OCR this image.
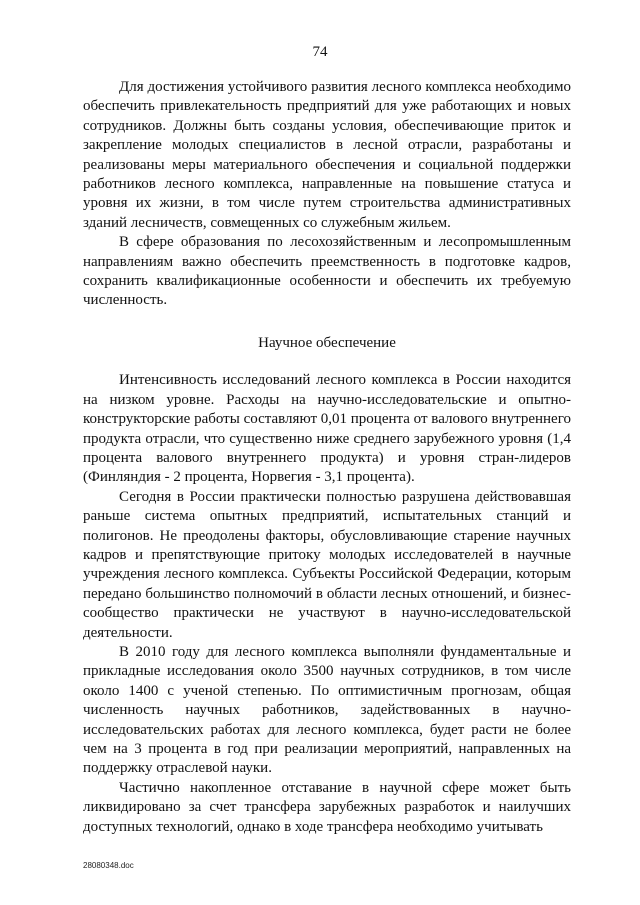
74

Для достижения устойчивого развития лесного комплекса необходимо обеспечить привлекательность предприятий для уже работающих и новых сотрудников. Должны быть созданы условия, обеспечивающие приток и закрепление молодых специалистов в лесной отрасли, разработаны и реализованы меры материального обеспечения и социальной поддержки работников лесного комплекса, направленные на повышение статуса и уровня их жизни, в том числе путем строительства административных зданий лесничеств, совмещенных со служебным жильем.

В сфере образования по лесохозяйственным и лесопромышленным направлениям важно обеспечить преемственность в подготовке кадров, сохранить квалификационные особенности и обеспечить их требуемую численность.

Научное обеспечение

Интенсивность исследований лесного комплекса в России находится на низком уровне. Расходы на научно-исследовательские и опытно-конструкторские работы составляют 0,01 процента от валового внутреннего продукта отрасли, что существенно ниже среднего зарубежного уровня (1,4 процента валового внутреннего продукта) и уровня стран-лидеров (Финляндия - 2 процента, Норвегия - 3,1 процента).

Сегодня в России практически полностью разрушена действовавшая раньше система опытных предприятий, испытательных станций и полигонов. Не преодолены факторы, обусловливающие старение научных кадров и препятствующие притоку молодых исследователей в научные учреждения лесного комплекса. Субъекты Российской Федерации, которым передано большинство полномочий в области лесных отношений, и бизнес-сообщество практически не участвуют в научно-исследовательской деятельности.

В 2010 году для лесного комплекса выполняли фундаментальные и прикладные исследования около 3500 научных сотрудников, в том числе около 1400 с ученой степенью. По оптимистичным прогнозам, общая численность научных работников, задействованных в научно-исследовательских работах для лесного комплекса, будет расти не более чем на 3 процента в год при реализации мероприятий, направленных на поддержку отраслевой науки.

Частично накопленное отставание в научной сфере может быть ликвидировано за счет трансфера зарубежных разработок и наилучших доступных технологий, однако в ходе трансфера необходимо учитывать

28080348.doc
